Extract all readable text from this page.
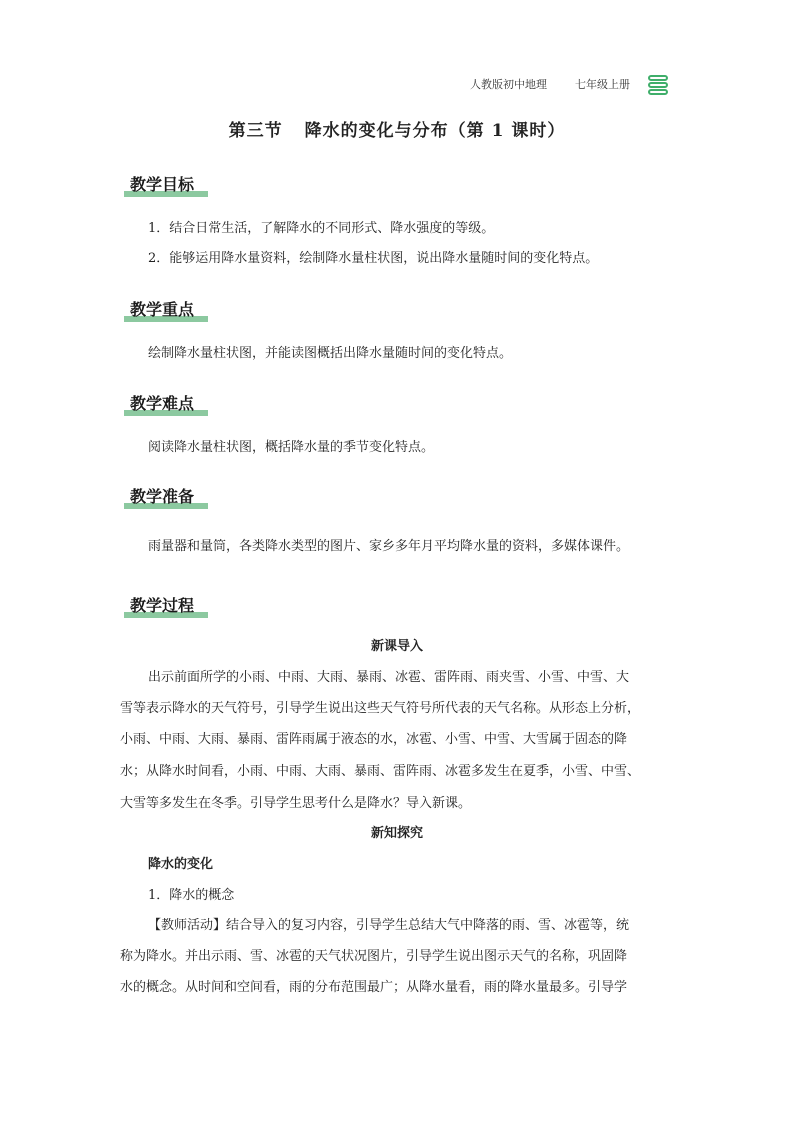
人教版初中地理	七年级上册
第三节 降水的变化与分布（第 1 课时）
教学目标
1．结合日常生活，了解降水的不同形式、降水强度的等级。
2．能够运用降水量资料，绘制降水量柱状图，说出降水量随时间的变化特点。
教学重点
绘制降水量柱状图，并能读图概括出降水量随时间的变化特点。
教学难点
阅读降水量柱状图，概括降水量的季节变化特点。
教学准备
雨量器和量筒，各类降水类型的图片、家乡多年月平均降水量的资料，多媒体课件。
教学过程
新课导入
出示前面所学的小雨、中雨、大雨、暴雨、冰雹、雷阵雨、雨夹雪、小雪、中雪、大
雪等表示降水的天气符号，引导学生说出这些天气符号所代表的天气名称。从形态上分析，
小雨、中雨、大雨、暴雨、雷阵雨属于液态的水，冰雹、小雪、中雪、大雪属于固态的降
水；从降水时间看，小雨、中雨、大雨、暴雨、雷阵雨、冰雹多发生在夏季，小雪、中雪、
大雪等多发生在冬季。引导学生思考什么是降水？导入新课。
新知探究
降水的变化
1．降水的概念
【教师活动】结合导入的复习内容，引导学生总结大气中降落的雨、雪、冰雹等，统
称为降水。并出示雨、雪、冰雹的天气状况图片，引导学生说出图示天气的名称，巩固降
水的概念。从时间和空间看，雨的分布范围最广；从降水量看，雨的降水量最多。引导学
